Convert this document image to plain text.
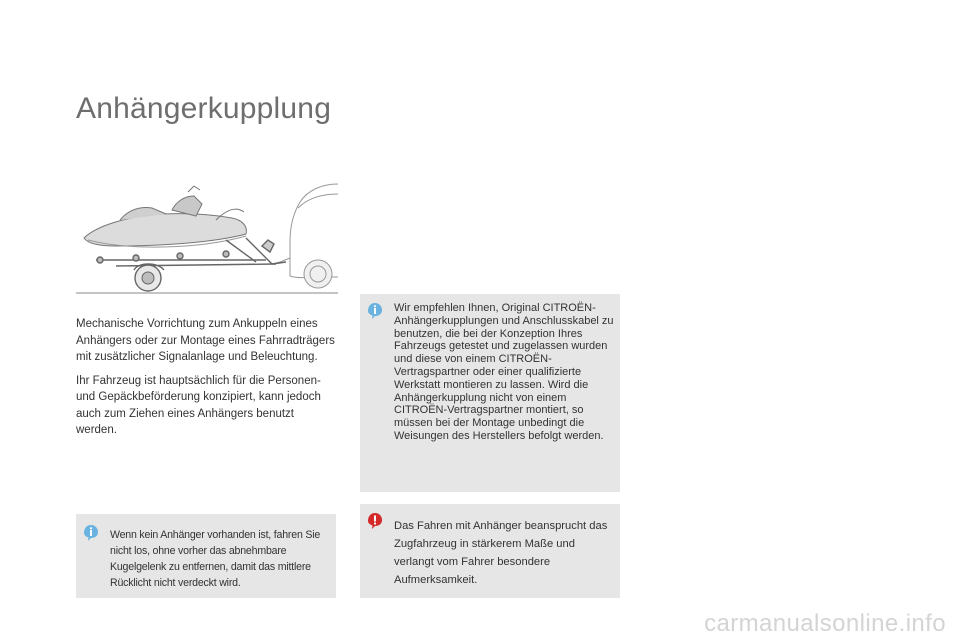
Anhängerkupplung

Mechanische Vorrichtung zum Ankuppeln eines Anhängers oder zur Montage eines Fahrradträgers mit zusätzlicher Signalanlage und Beleuchtung.

Ihr Fahrzeug ist hauptsächlich für die Personen- und Gepäckbeförderung konzipiert, kann jedoch auch zum Ziehen eines Anhängers benutzt werden.

Wenn kein Anhänger vorhanden ist, fahren Sie nicht los, ohne vorher das abnehmbare Kugelgelenk zu entfernen, damit das mittlere Rücklicht nicht verdeckt wird.
Wir empfehlen Ihnen, Original CITROËN-Anhängerkupplungen und Anschlusskabel zu benutzen, die bei der Konzeption Ihres Fahrzeugs getestet und zugelassen wurden und diese von einem CITROËN-Vertragspartner oder einer qualifizierte Werkstatt montieren zu lassen. Wird die Anhängerkupplung nicht von einem CITROËN-Vertragspartner montiert, so müssen bei der Montage unbedingt die Weisungen des Herstellers befolgt werden.
Das Fahren mit Anhänger beansprucht das Zugfahrzeug in stärkerem Maße und verlangt vom Fahrer besondere Aufmerksamkeit.
carmanualsonline.info
